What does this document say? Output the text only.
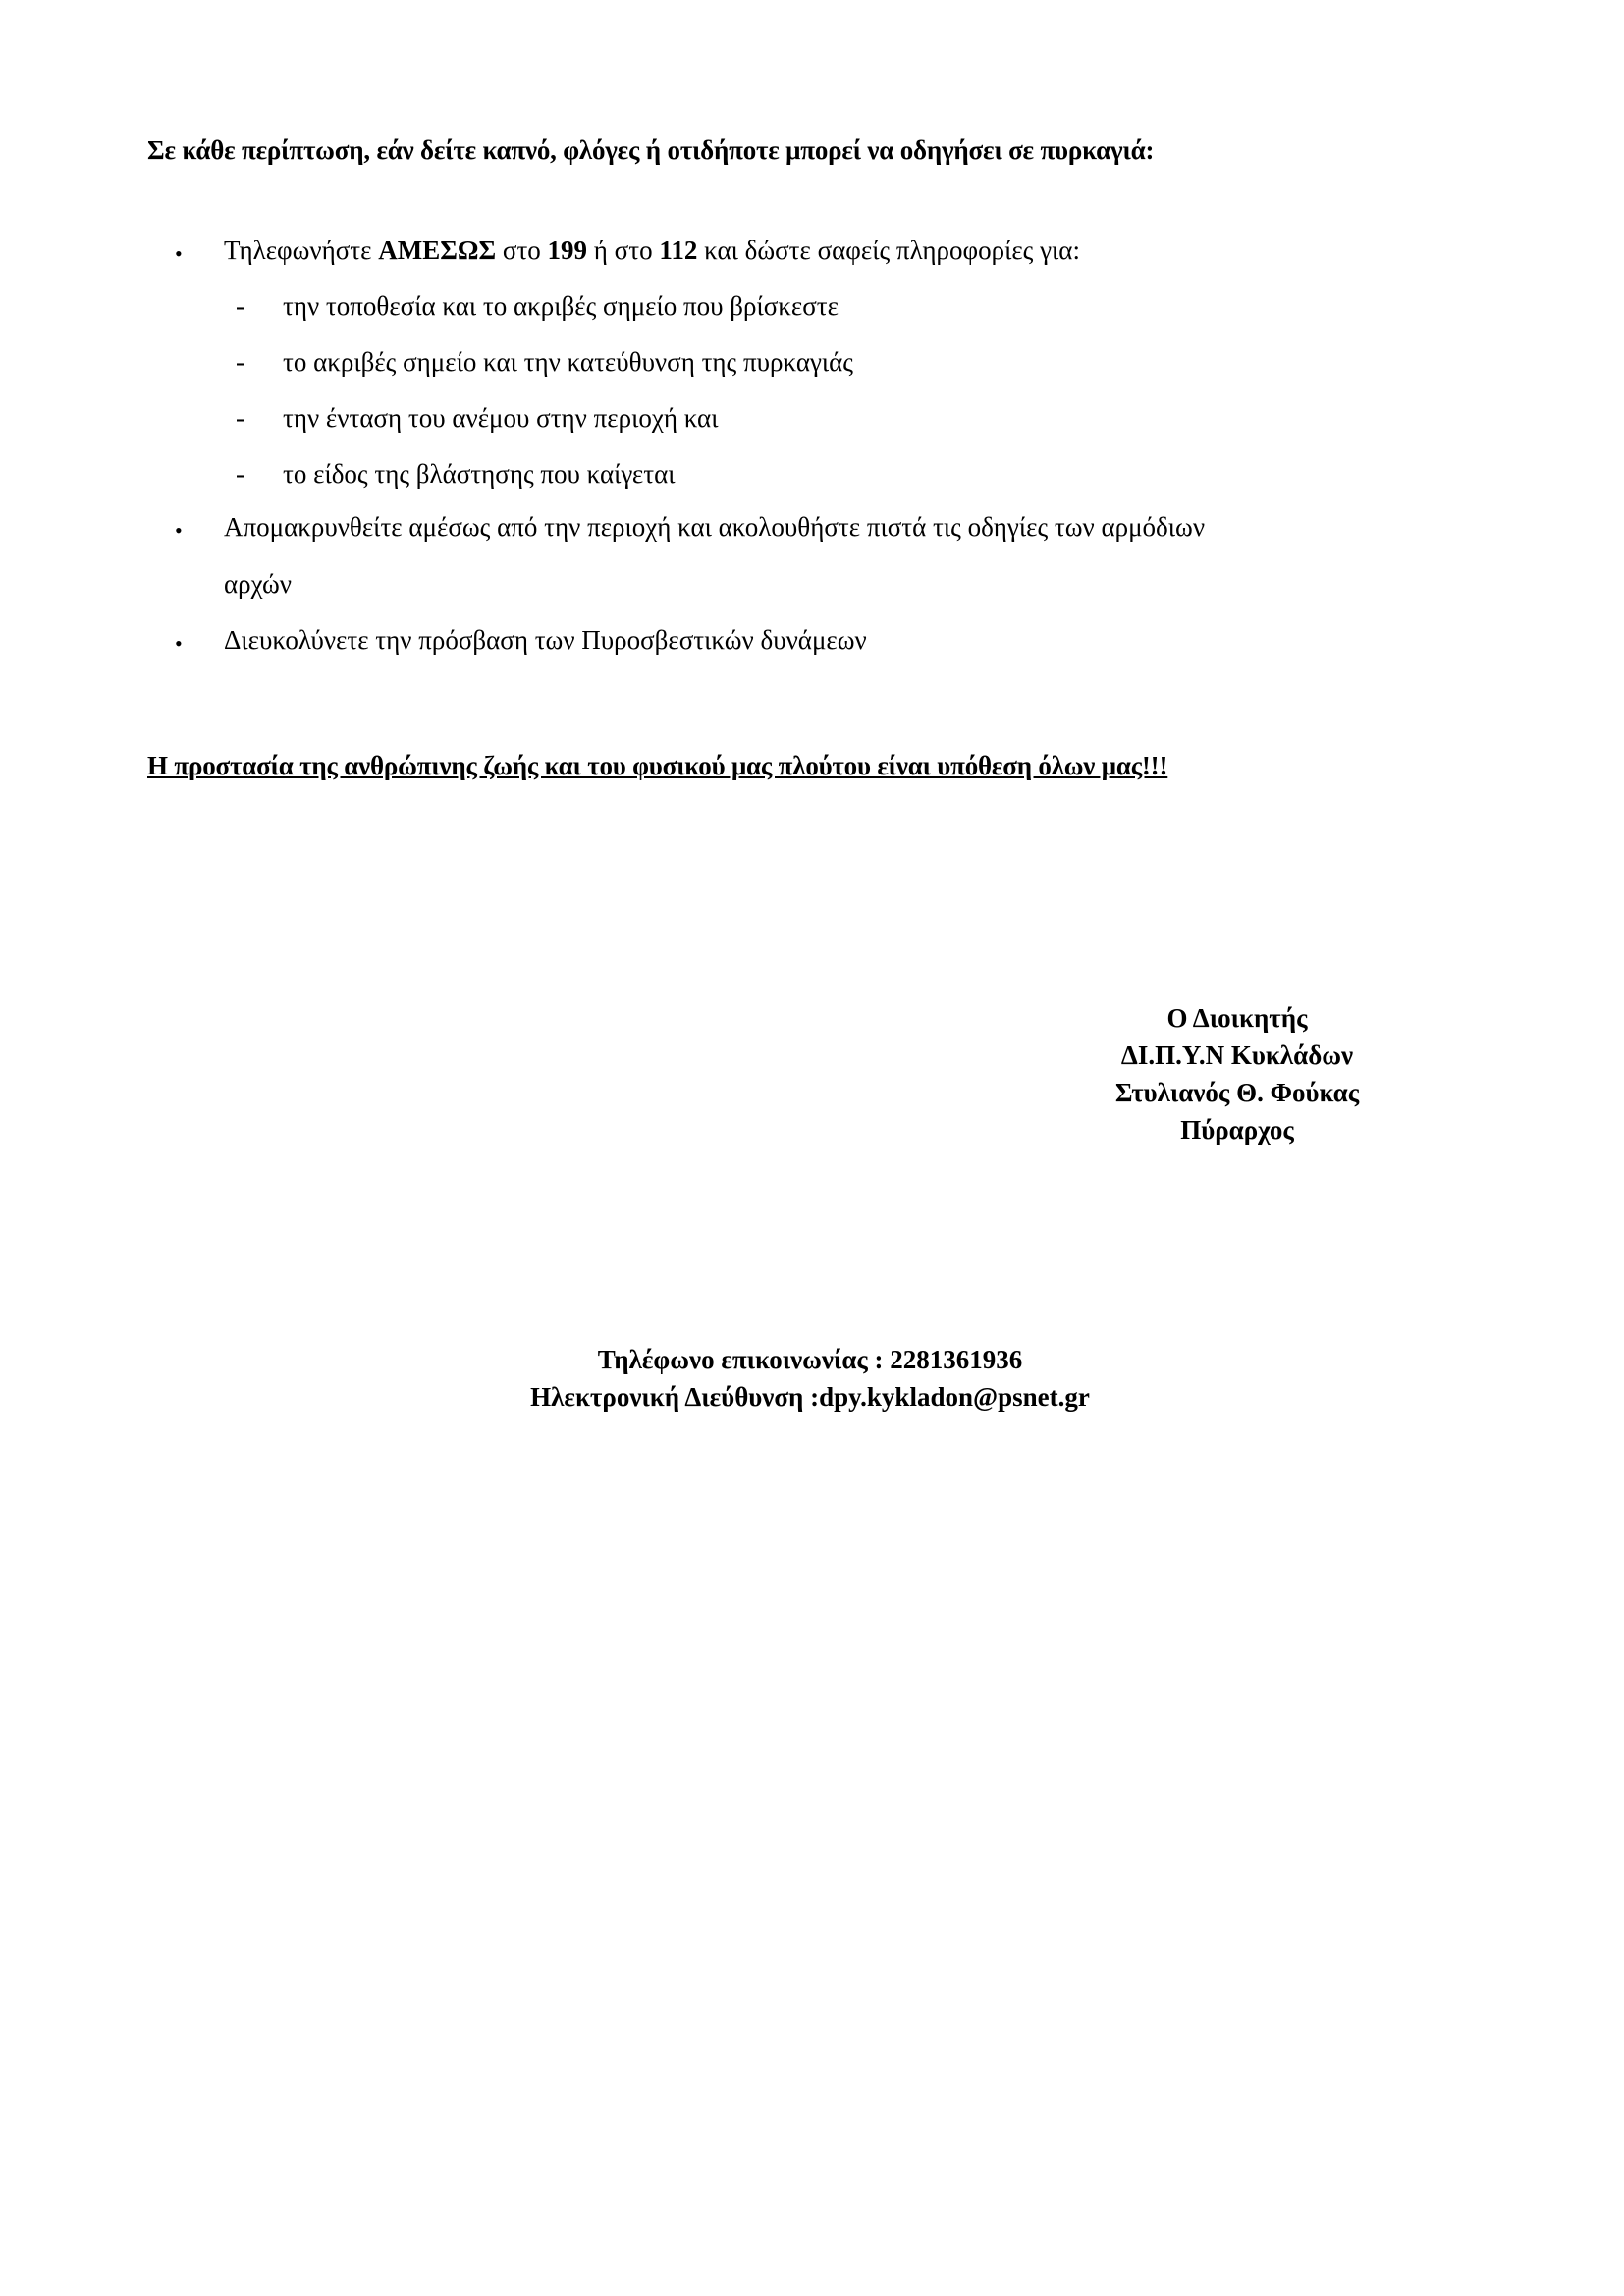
Σε κάθε περίπτωση, εάν δείτε καπνό, φλόγες ή οτιδήποτε μπορεί να οδηγήσει σε πυρκαγιά:
• Τηλεφωνήστε ΑΜΕΣΩΣ στο 199 ή στο 112 και δώστε σαφείς πληροφορίες για:
- την τοποθεσία και το ακριβές σημείο που βρίσκεστε
- το ακριβές σημείο και την κατεύθυνση της πυρκαγιάς
- την ένταση του ανέμου στην περιοχή και
- το είδος της βλάστησης που καίγεται
• Απομακρυνθείτε αμέσως από την περιοχή και ακολουθήστε πιστά τις οδηγίες των αρμόδιων
αρχών
• Διευκολύνετε την πρόσβαση των Πυροσβεστικών δυνάμεων
Η προστασία της ανθρώπινης ζωής και του φυσικού μας πλούτου είναι υπόθεση όλων μας!!!
Ο Διοικητής
ΔΙ.Π.Υ.Ν Κυκλάδων
Στυλιανός Θ. Φούκας
Πύραρχος
Τηλέφωνο επικοινωνίας : 2281361936
Ηλεκτρονική Διεύθυνση :dpy.kykladon@psnet.gr
